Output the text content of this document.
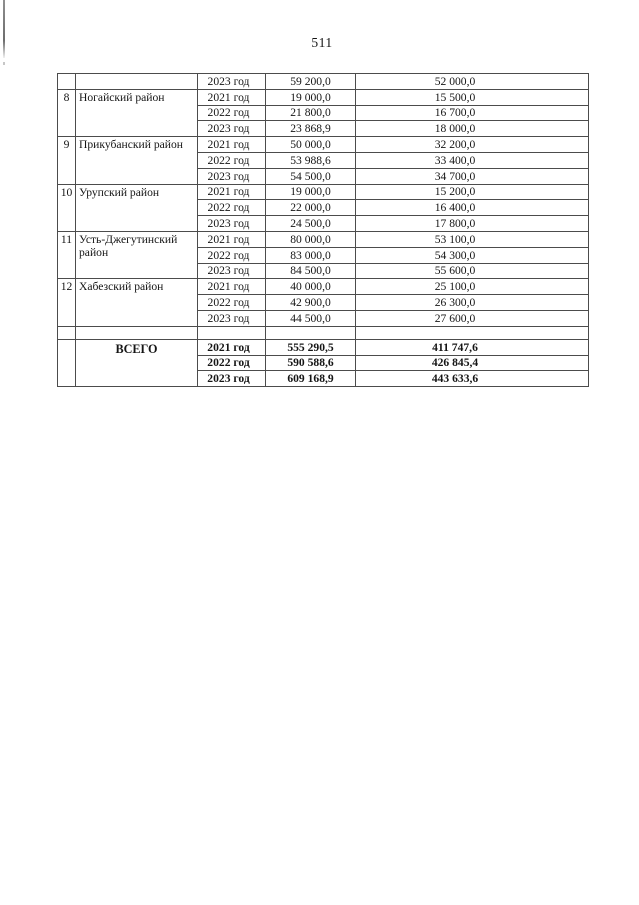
511
		2023 год	59 200,0	52 000,0
8	Ногайский район	2021 год	19 000,0	15 500,0
		2022 год	21 800,0	16 700,0
		2023 год	23 868,9	18 000,0
9	Прикубанский район	2021 год	50 000,0	32 200,0
		2022 год	53 988,6	33 400,0
		2023 год	54 500,0	34 700,0
10	Урупский район	2021 год	19 000,0	15 200,0
		2022 год	22 000,0	16 400,0
		2023 год	24 500,0	17 800,0
11	Усть-Джегутинский район	2021 год	80 000,0	53 100,0
		2022 год	83 000,0	54 300,0
		2023 год	84 500,0	55 600,0
12	Хабезский район	2021 год	40 000,0	25 100,0
		2022 год	42 900,0	26 300,0
		2023 год	44 500,0	27 600,0

	ВСЕГО	2021 год	555 290,5	411 747,6
		2022 год	590 588,6	426 845,4
		2023 год	609 168,9	443 633,6
